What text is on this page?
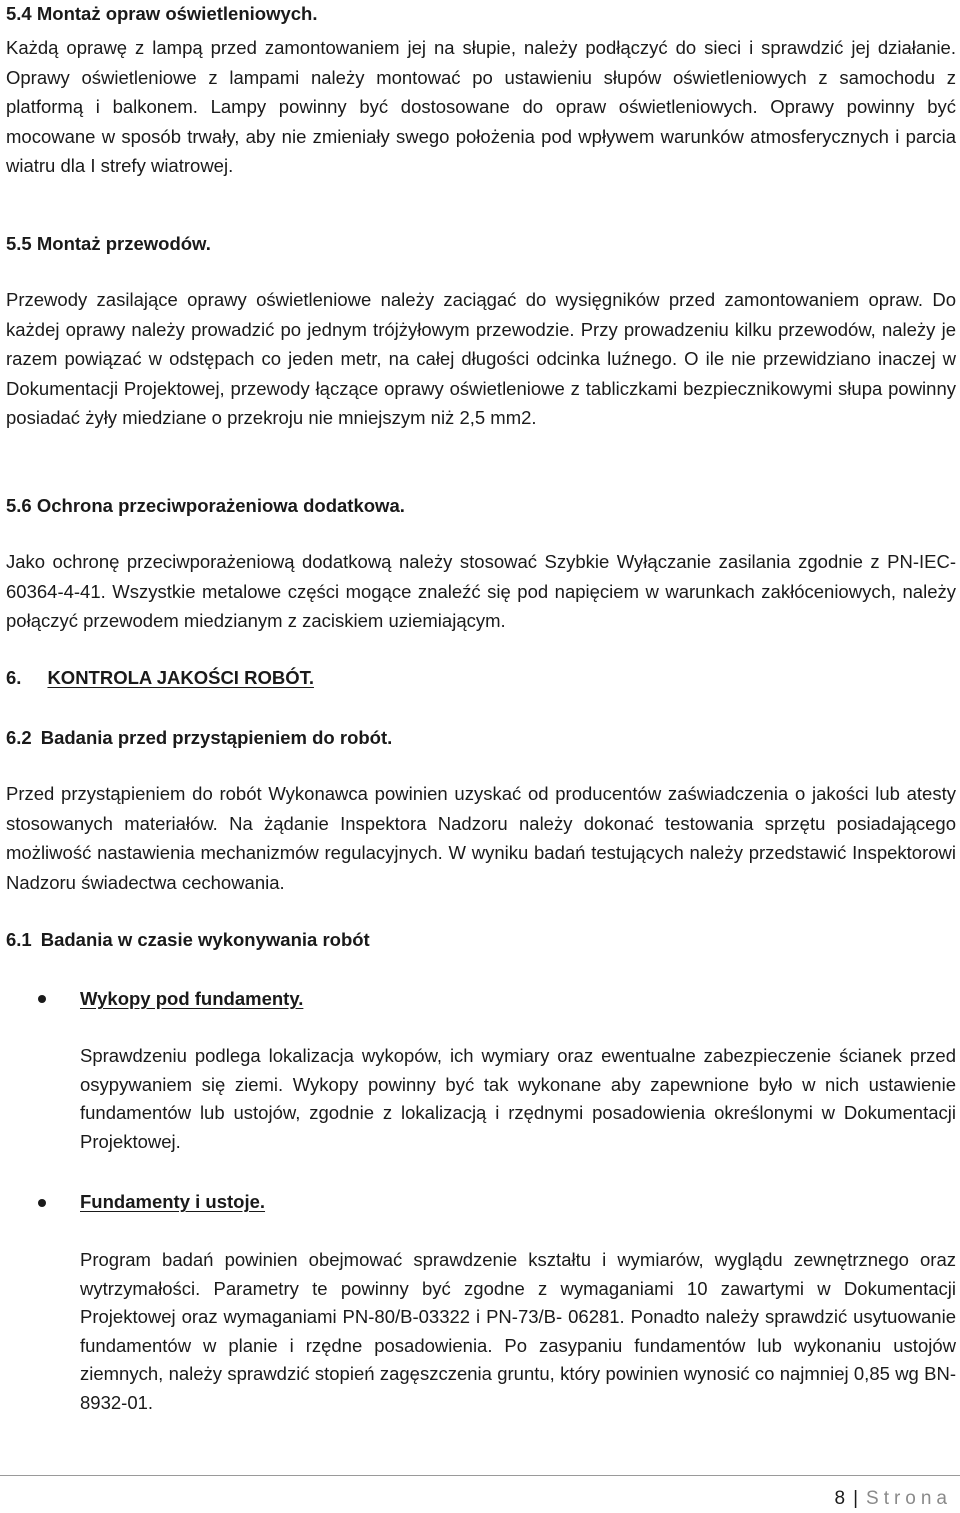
5.4 Montaż opraw oświetleniowych.

Każdą oprawę z lampą przed zamontowaniem jej na słupie, należy podłączyć do sieci i sprawdzić jej działanie. Oprawy oświetleniowe z lampami należy montować po ustawieniu słupów oświetleniowych z samochodu z platformą i balkonem. Lampy powinny być dostosowane do opraw oświetleniowych. Oprawy powinny być mocowane w sposób trwały, aby nie zmieniały swego położenia pod wpływem warunków atmosferycznych i parcia wiatru dla I strefy wiatrowej.

5.5 Montaż przewodów.

Przewody zasilające oprawy oświetleniowe należy zaciągać do wysięgników przed zamontowaniem opraw. Do każdej oprawy należy prowadzić po jednym trójżyłowym przewodzie. Przy prowadzeniu kilku przewodów, należy je razem powiązać w odstępach co jeden metr, na całej długości odcinka luźnego. O ile nie przewidziano inaczej w Dokumentacji Projektowej, przewody łączące oprawy oświetleniowe z tabliczkami bezpiecznikowymi słupa powinny posiadać żyły miedziane o przekroju nie mniejszym niż 2,5 mm2.

5.6 Ochrona przeciwporażeniowa dodatkowa.

Jako ochronę przeciwporażeniową dodatkową należy stosować Szybkie Wyłączanie zasilania zgodnie z PN-IEC-60364-4-41. Wszystkie metalowe części mogące znaleźć się pod napięciem w warunkach zakłóceniowych, należy połączyć przewodem miedzianym z zaciskiem uziemiającym.

6. KONTROLA JAKOŚCI ROBÓT.
6.2 Badania przed przystąpieniem do robót.

Przed przystąpieniem do robót Wykonawca powinien uzyskać od producentów zaświadczenia o jakości lub atesty stosowanych materiałów. Na żądanie Inspektora Nadzoru należy dokonać testowania sprzętu posiadającego możliwość nastawienia mechanizmów regulacyjnych. W wyniku badań testujących należy przedstawić Inspektorowi Nadzoru świadectwa cechowania.

6.1 Badania w czasie wykonywania robót
Wykopy pod fundamenty.

Sprawdzeniu podlega lokalizacja wykopów, ich wymiary oraz ewentualne zabezpieczenie ścianek przed osypywaniem się ziemi. Wykopy powinny być tak wykonane aby zapewnione było w nich ustawienie fundamentów lub ustojów, zgodnie z lokalizacją i rzędnymi posadowienia określonymi w Dokumentacji Projektowej.

Fundamenty i ustoje.

Program badań powinien obejmować sprawdzenie kształtu i wymiarów, wyglądu zewnętrznego oraz wytrzymałości. Parametry te powinny być zgodne z wymaganiami 10 zawartymi w Dokumentacji Projektowej oraz wymaganiami PN-80/B-03322 i PN-73/B- 06281. Ponadto należy sprawdzić usytuowanie fundamentów w planie i rzędne posadowienia. Po zasypaniu fundamentów lub wykonaniu ustojów ziemnych, należy sprawdzić stopień zagęszczenia gruntu, który powinien wynosić co najmniej 0,85 wg BN-8932-01.

8 | Strona
